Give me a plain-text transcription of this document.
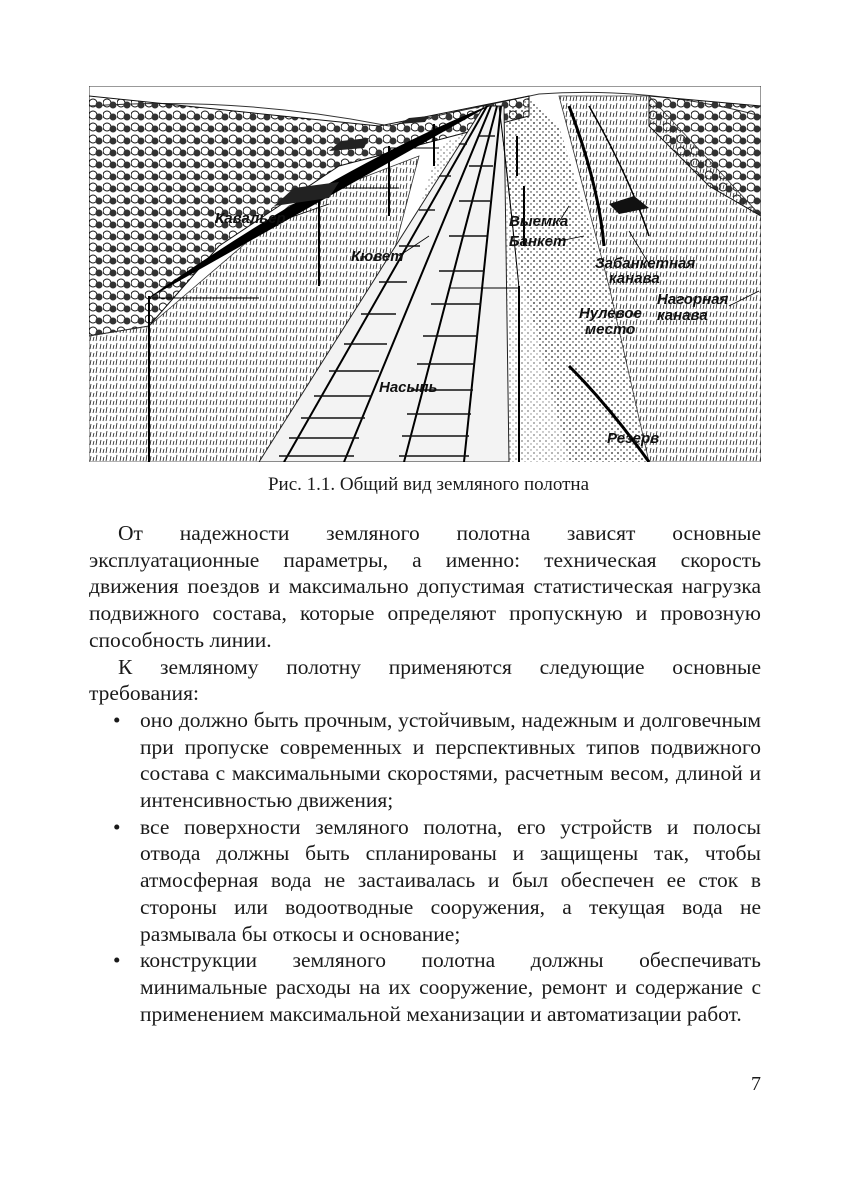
Кавальер
Кювет
Выемка
Банкет
Забанкетная
канава
Нагорная
канава
Нулевое
место
Насыпь
Резерв
Рис. 1.1. Общий вид земляного полотна

От надежности земляного полотна зависят основные эксплуатационные параметры, а именно: техническая скорость движения поездов и максимально допустимая статистическая нагрузка подвижного состава, которые определяют пропускную и провозную способность линии.

К земляному полотну применяются следующие основные требования:

• оно должно быть прочным, устойчивым, надежным и долговечным при пропуске современных и перспективных типов подвижного состава с максимальными скоростями, расчетным весом, длиной и интенсивностью движения;
• все поверхности земляного полотна, его устройств и полосы отвода должны быть спланированы и защищены так, чтобы атмосферная вода не застаивалась и был обеспечен ее сток в стороны или водоотводные сооружения, а текущая вода не размывала бы откосы и основание;
• конструкции земляного полотна должны обеспечивать минимальные расходы на их сооружение, ремонт и содержание с применением максимальной механизации и автоматизации работ.
7
